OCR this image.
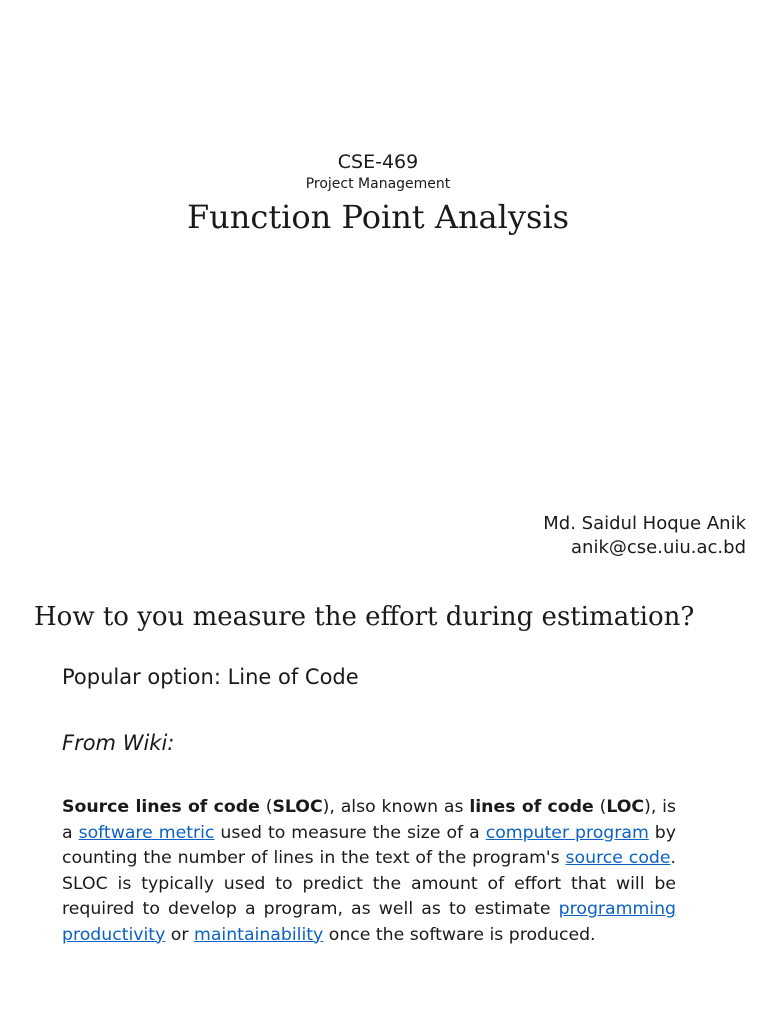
CSE-469
Project Management
Function Point Analysis
Md. Saidul Hoque Anik
anik@cse.uiu.ac.bd
How to you measure the effort during estimation?
Popular option: Line of Code
From Wiki:
Source lines of code (SLOC), also known as lines of code (LOC), is a software metric used to measure the size of a computer program by counting the number of lines in the text of the program's source code. SLOC is typically used to predict the amount of effort that will be required to develop a program, as well as to estimate programming productivity or maintainability once the software is produced.
